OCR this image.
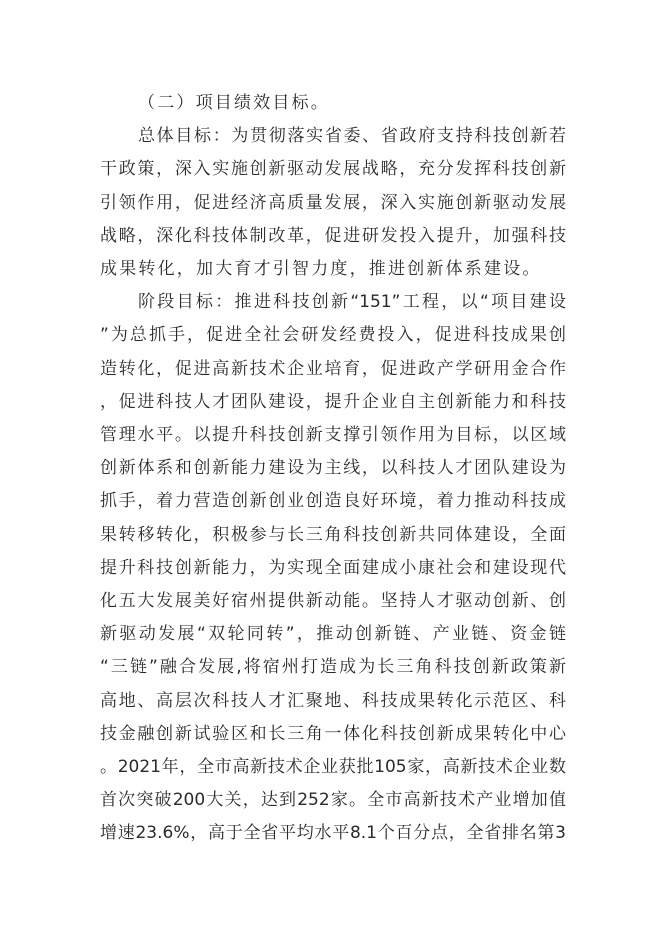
（二）项目绩效目标。
总体目标：为贯彻落实省委、省政府支持科技创新若
干政策，深入实施创新驱动发展战略，充分发挥科技创新
引领作用，促进经济高质量发展，深入实施创新驱动发展
战略，深化科技体制改革，促进研发投入提升，加强科技
成果转化，加大育才引智力度，推进创新体系建设。
阶段目标：推进科技创新“151”工程，以“项目建设
”为总抓手，促进全社会研发经费投入，促进科技成果创
造转化，促进高新技术企业培育，促进政产学研用金合作
，促进科技人才团队建设，提升企业自主创新能力和科技
管理水平。以提升科技创新支撑引领作用为目标，以区域
创新体系和创新能力建设为主线，以科技人才团队建设为
抓手，着力营造创新创业创造良好环境，着力推动科技成
果转移转化，积极参与长三角科技创新共同体建设，全面
提升科技创新能力，为实现全面建成小康社会和建设现代
化五大发展美好宿州提供新动能。坚持人才驱动创新、创
新驱动发展“双轮同转”，推动创新链、产业链、资金链
“三链”融合发展,将宿州打造成为长三角科技创新政策新
高地、高层次科技人才汇聚地、科技成果转化示范区、科
技金融创新试验区和长三角一体化科技创新成果转化中心
。2021年，全市高新技术企业获批105家，高新技术企业数
首次突破200大关，达到252家。全市高新技术产业增加值
增速23.6%，高于全省平均水平8.1个百分点，全省排名第3
